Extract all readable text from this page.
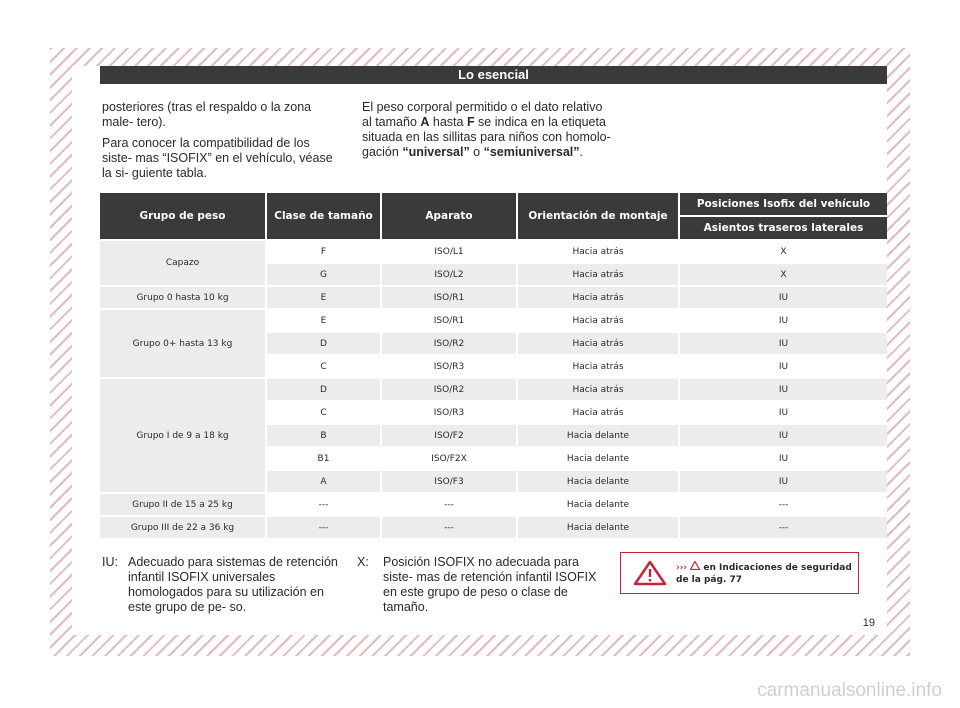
Lo esencial

posteriores (tras el respaldo o la zona male- tero).

Para conocer la compatibilidad de los siste- mas “ISOFIX” en el vehículo, véase la si- guiente tabla.

El peso corporal permitido o el dato relativo al tamaño A hasta F se indica en la etiqueta situada en las sillitas para niños con homolo- gación “universal” o “semiuniversal”.

Grupo de peso	Clase de tamaño	Aparato	Orientación de montaje	Posiciones Isofix del vehículo
				Asientos traseros laterales
Capazo	F	ISO/L1	Hacia atrás	X
	G	ISO/L2	Hacia atrás	X
Grupo 0 hasta 10 kg	E	ISO/R1	Hacia atrás	IU
Grupo 0+ hasta 13 kg	E	ISO/R1	Hacia atrás	IU
	D	ISO/R2	Hacia atrás	IU
	C	ISO/R3	Hacia atrás	IU
Grupo I de 9 a 18 kg	D	ISO/R2	Hacia atrás	IU
	C	ISO/R3	Hacia atrás	IU
	B	ISO/F2	Hacia delante	IU
	B1	ISO/F2X	Hacia delante	IU
	A	ISO/F3	Hacia delante	IU
Grupo II de 15 a 25 kg	---	---	Hacia delante	---
Grupo III de 22 a 36 kg	---	---	Hacia delante	---
IU: Adecuado para sistemas de retención infantil ISOFIX universales homologados para su utilización en este grupo de pe- so.
X: Posición ISOFIX no adecuada para siste- mas de retención infantil ISOFIX en este grupo de peso o clase de tamaño.
›››  en Indicaciones de seguridad de la pág. 77
19
carmanualsonline.info
